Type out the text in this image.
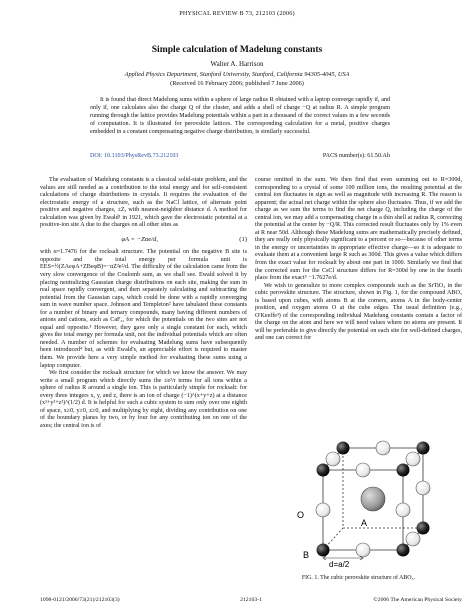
PHYSICAL REVIEW B 73, 212103 (2006)
Simple calculation of Madelung constants
Walter A. Harrison
Applied Physics Department, Stanford University, Stanford, California 94305-4045, USA
(Received 16 February 2006; published 7 June 2006)
It is found that direct Madelung sums within a sphere of large radius R obtained with a laptop converge rapidly if, and only if, one calculates also the charge Q of the cluster, and adds a shell of charge −Q at radius R. A simple program running through the lattice provides Madelung potentials within a part in a thousand of the correct values in a few seconds of computation. It is illustrated for perovskite lattices. The corresponding calculation for a metal, positive charges embedded in a constant compensating negative charge distribution, is similarly successful.
DOI: 10.1103/PhysRevB.73.212103	PACS number(s): 61.50.Ah

The evaluation of Madelung constants is a classical solid-state problem, and the values are still needed as a contribution to the total energy and for self-consistent calculations of charge distributions in crystals. It requires the evaluation of the electrostatic energy of a structure, such as the NaCl lattice, of alternate point positive and negative charges, ±Z, with nearest-neighbor distance d. A method for calculation was given by Ewald¹ in 1921, which gave the electrostatic potential at a positive-ion site A due to the charges on all other sites as

φA = −Zαe/d,	(1)

with α=1.7476 for the rocksalt structure. The potential on the negative B site is opposite and the total energy per formula unit is EES=½(ZAeφA+ZBeφB)=−αZ²e²/d. The difficulty of the calculation came from the very slow convergence of the Coulomb sum, as we shall see. Ewald solved it by placing neutralizing Gaussian charge distributions on each site, making the sum in real space rapidly convergent, and then separately calculating and subtracting the potential from the Gaussian caps, which could be done with a rapidly converging sum in wave number space. Johnson and Templeton² have tabulated these constants for a number of binary and ternary compounds, many having different numbers of anions and cations, such as CaF₂, for which the potentials on the two sites are not equal and opposite.³ However, they gave only a single constant for each, which gives the total energy per formula unit, not the individual potentials which are often needed. A number of schemes for evaluating Madelung sums have subsequently been introduced⁴ but, as with Ewald's, an appreciable effort is required to master them. We provide here a very simple method for evaluating these sums using a laptop computer.

We first consider the rocksalt structure for which we know the answer. We may write a small program which directly sums the ±e²/r terms for all ions within a sphere of radius R around a single ion. This is particularly simple for rocksalt: for every three integers x, y, and z, there is an ion of charge (−1)^(x+y+z) at a distance (x²+y²+z²)^(1/2) d. It is helpful for such a cubic system to sum only over one eighth of space, x≥0, y≥0, z≥0, and multiplying by eight, dividing any contribution on one of the boundary planes by two, or by four for any contributing ion on one of the axes; the central ion is of

course omitted in the sum. We then find that even summing out to R=300d, corresponding to a crystal of some 100 million ions, the resulting potential at the central ion fluctuates in sign as well as magnitude with increasing R. The reason is apparent; the actual net charge within the sphere also fluctuates. Thus, if we add the charge as we sum the terms to find the net charge Q, including the charge of the central ion, we may add a compensating charge in a thin shell at radius R, correcting the potential at the center by −Q/R. This corrected result fluctuates only by 1% even at R near 50d. Although these Madelung sums are mathematically precisely defined, they are really only physically significant to a percent or so—because of other terms in the energy or uncertainties in appropriate effective charge—so it is adequate to evaluate them at a convenient large R such as 300d. This gives a value which differs from the exact value for rocksalt by about one part in 1000. Similarly we find that the corrected sum for the CsCl structure differs for R=300d by one in the fourth place from the exact⁵ −1.7627e/d.

We wish to generalize to more complex compounds such as the SrTiO₃ in the cubic perovskite structure. The structure, shown in Fig. 1, for the compound ABO₃ is based upon cubes, with atoms B at the corners, atoms A in the body-center position, and oxygen atoms O at the cube edges. The usual definition (e.g., O'Keeffe³) of the corresponding individual Madelung constants contain a factor of the charge on the atom and here we will need values where no atoms are present. It will be preferable to give directly the potential on each site for well-defined charges, and one can correct for

A
O
B
d=a/2
FIG. 1. The cubic perovskite structure of ABO₃.
1098-0121/2006/73(21)/212103(3)	212103-1	©2006 The American Physical Society
